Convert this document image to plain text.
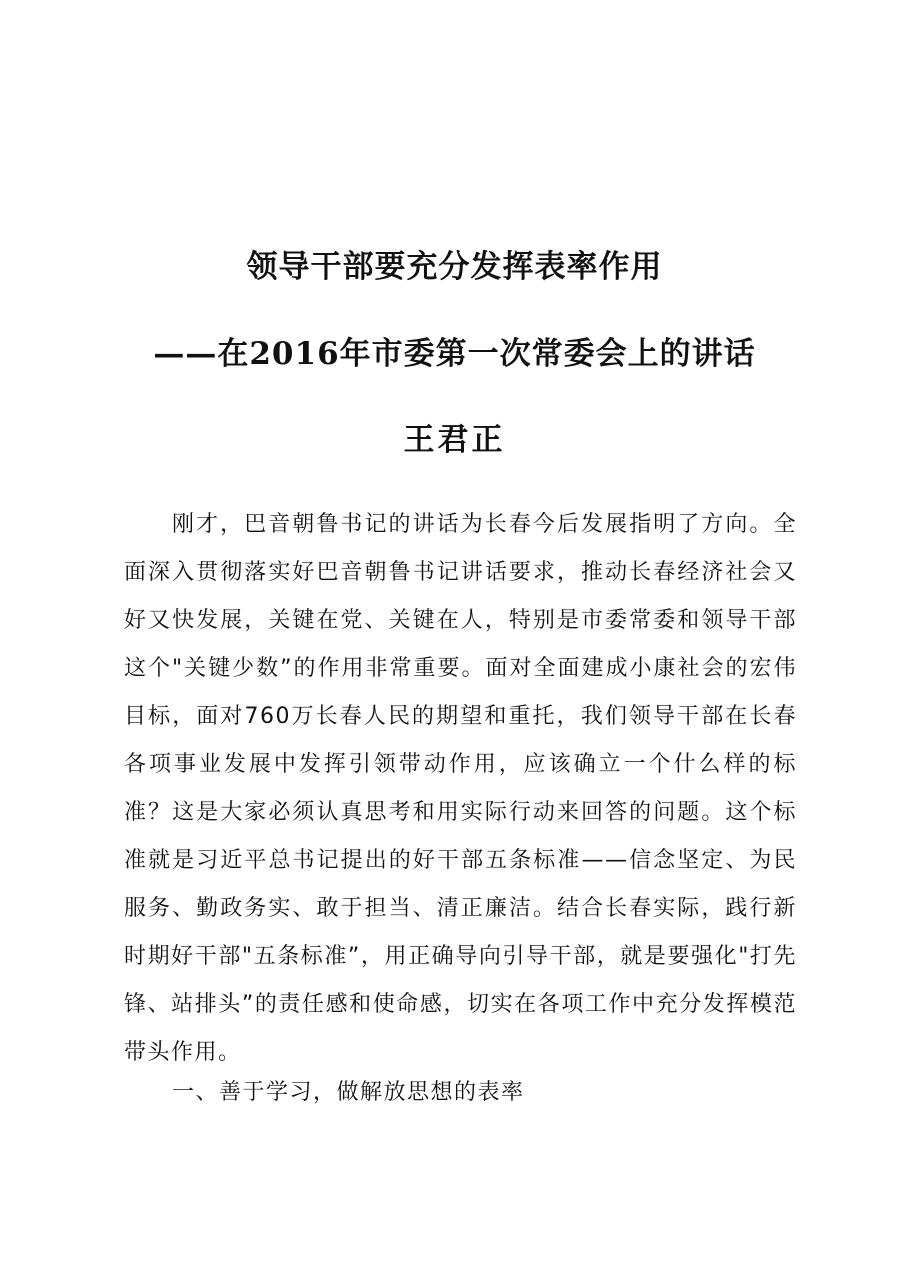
领导干部要充分发挥表率作用
——在2016年市委第一次常委会上的讲话
王君正

刚才，巴音朝鲁书记的讲话为长春今后发展指明了方向。全面深入贯彻落实好巴音朝鲁书记讲话要求，推动长春经济社会又好又快发展，关键在党、关键在人，特别是市委常委和领导干部这个"关键少数”的作用非常重要。面对全面建成小康社会的宏伟目标，面对760万长春人民的期望和重托，我们领导干部在长春各项事业发展中发挥引领带动作用，应该确立一个什么样的标准？这是大家必须认真思考和用实际行动来回答的问题。这个标准就是习近平总书记提出的好干部五条标准——信念坚定、为民服务、勤政务实、敢于担当、清正廉洁。结合长春实际，践行新时期好干部"五条标准”，用正确导向引导干部，就是要强化"打先锋、站排头”的责任感和使命感，切实在各项工作中充分发挥模范带头作用。

一、善于学习，做解放思想的表率
